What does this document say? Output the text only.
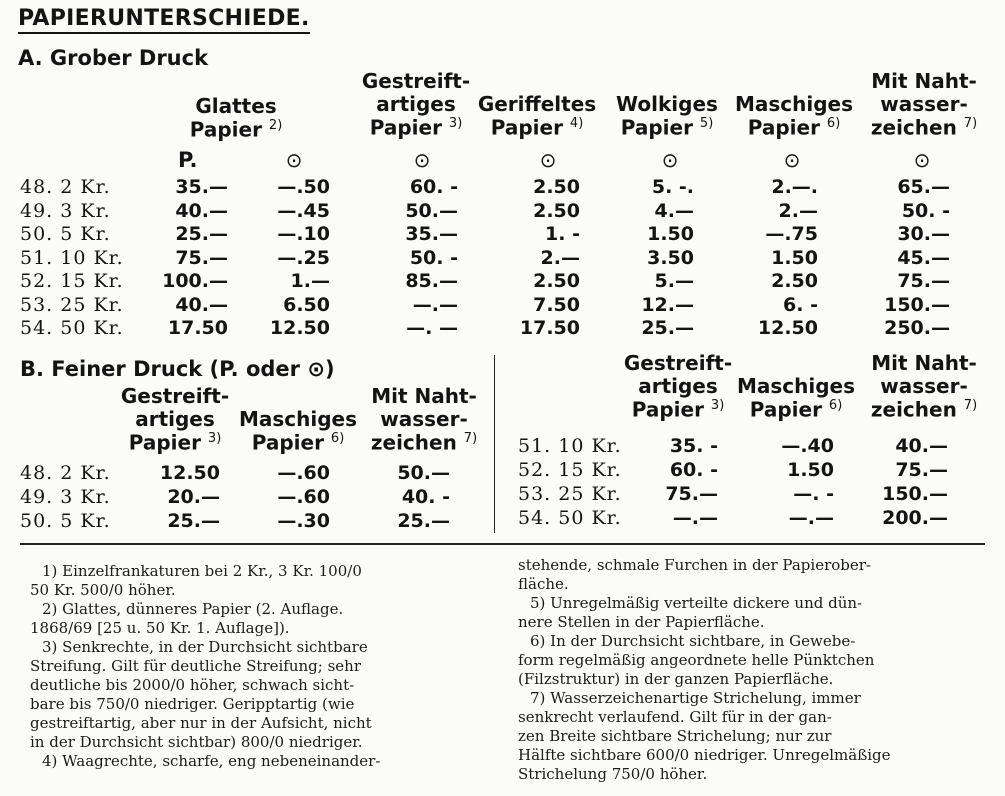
PAPIERUNTERSCHIEDE.
A. Grober Druck
Glattes
Papier $^{2)}$
Gestreift-
artiges
Papier $^{3)}$
Geriffeltes
Papier $^{4)}$
Wolkiges
Papier $^{5)}$
Maschiges
Papier $^{6)}$
Mit Naht-
wasser-
zeichen $^{7)}$
P.	⊙	⊙	⊙	⊙	⊙	⊙
48. 2 Kr.	35.—	—.50	60. -	2.50	5. -.	2.—.	65.—
49. 3 Kr.	40.—	—.45	50.—	2.50	4.—	2.—	50. -
50. 5 Kr.	25.—	—.10	35.—	1. -	1.50	—.75	30.—
51. 10 Kr.	75.—	—.25	50. -	2.—	3.50	1.50	45.—
52. 15 Kr.	100.—	1.—	85.—	2.50	5.—	2.50	75.—
53. 25 Kr.	40.—	6.50	—.—	7.50	12.—	6. -	150.—
54. 50 Kr.	17.50	12.50	—. —	17.50	25.—	12.50	250.—
B. Feiner Druck (P. oder ⊙)
Gestreift-
artiges
Papier $^{3)}$
Maschiges
Papier $^{6)}$
Mit Naht-
wasser-
zeichen $^{7)}$
Gestreift-
artiges
Papier $^{3)}$
Maschiges
Papier $^{6)}$
Mit Naht-
wasser-
zeichen $^{7)}$
48. 2 Kr.	12.50	—.60	50.—
49. 3 Kr.	20.—	—.60	40. -
50. 5 Kr.	25.—	—.30	25.—
51. 10 Kr.	35. -	—.40	40.—
52. 15 Kr.	60. -	1.50	75.—
53. 25 Kr.	75.—	—. -	150.—
54. 50 Kr.	—.—	—.—	200.—
1) Einzelfrankaturen bei 2 Kr., 3 Kr. 100/0
50 Kr. 500/0 höher.
2) Glattes, dünneres Papier (2. Auflage.
1868/69 [25 u. 50 Kr. 1. Auflage]).
3) Senkrechte, in der Durchsicht sichtbare
Streifung. Gilt für deutliche Streifung; sehr
deutliche bis 2000/0 höher, schwach sicht-
bare bis 750/0 niedriger. Geripptartig (wie
gestreiftartig, aber nur in der Aufsicht, nicht
in der Durchsicht sichtbar) 800/0 niedriger.
4) Waagrechte, scharfe, eng nebeneinander-
stehende, schmale Furchen in der Papierober-
fläche.
5) Unregelmäßig verteilte dickere und dün-
nere Stellen in der Papierfläche.
6) In der Durchsicht sichtbare, in Gewebe-
form regelmäßig angeordnete helle Pünktchen
(Filzstruktur) in der ganzen Papierfläche.
7) Wasserzeichenartige Strichelung, immer
senkrecht verlaufend. Gilt für in der gan-
zen Breite sichtbare Strichelung; nur zur
Hälfte sichtbare 600/0 niedriger. Unregelmäßige
Strichelung 750/0 höher.
